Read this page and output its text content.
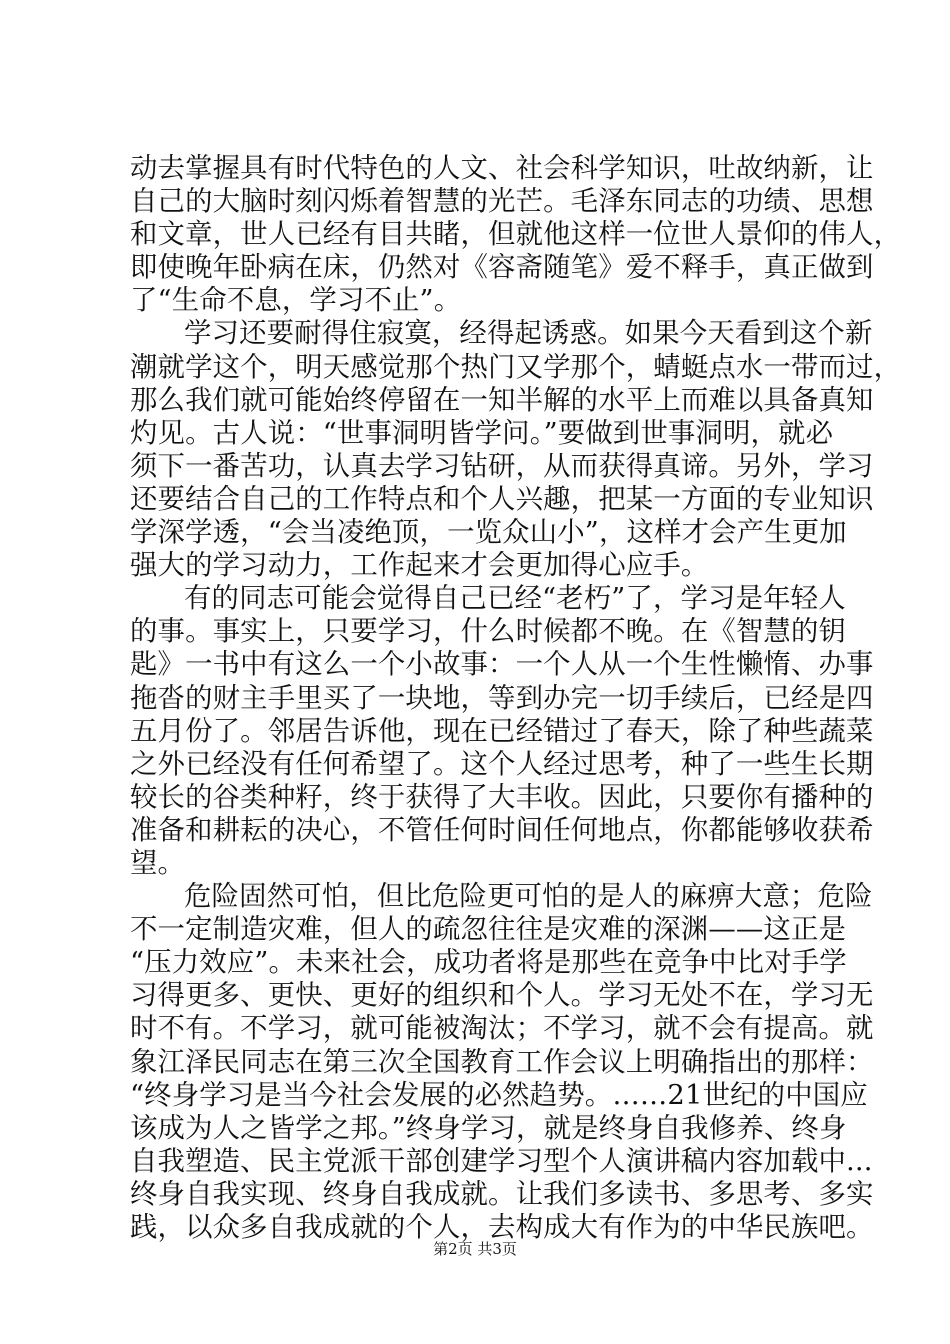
动去掌握具有时代特色的人文、社会科学知识，吐故纳新，让
自己的大脑时刻闪烁着智慧的光芒。毛泽东同志的功绩、思想
和文章，世人已经有目共睹，但就他这样一位世人景仰的伟人，
即使晚年卧病在床，仍然对《容斋随笔》爱不释手，真正做到
了“生命不息，学习不止”。
学习还要耐得住寂寞，经得起诱惑。如果今天看到这个新
潮就学这个，明天感觉那个热门又学那个，蜻蜓点水一带而过，
那么我们就可能始终停留在一知半解的水平上而难以具备真知
灼见。古人说：“世事洞明皆学问。”要做到世事洞明，就必
须下一番苦功，认真去学习钻研，从而获得真谛。另外，学习
还要结合自己的工作特点和个人兴趣，把某一方面的专业知识
学深学透，“会当凌绝顶，一览众山小”，这样才会产生更加
强大的学习动力，工作起来才会更加得心应手。
有的同志可能会觉得自己已经“老朽”了，学习是年轻人
的事。事实上，只要学习，什么时候都不晚。在《智慧的钥
匙》一书中有这么一个小故事：一个人从一个生性懒惰、办事
拖沓的财主手里买了一块地，等到办完一切手续后，已经是四
五月份了。邻居告诉他，现在已经错过了春天，除了种些蔬菜
之外已经没有任何希望了。这个人经过思考，种了一些生长期
较长的谷类种籽，终于获得了大丰收。因此，只要你有播种的
准备和耕耘的决心，不管任何时间任何地点，你都能够收获希
望。
危险固然可怕，但比危险更可怕的是人的麻痹大意；危险
不一定制造灾难，但人的疏忽往往是灾难的深渊——这正是
“压力效应”。未来社会，成功者将是那些在竞争中比对手学
习得更多、更快、更好的组织和个人。学习无处不在，学习无
时不有。不学习，就可能被淘汰；不学习，就不会有提高。就
象江泽民同志在第三次全国教育工作会议上明确指出的那样：
“终身学习是当今社会发展的必然趋势。……21世纪的中国应
该成为人之皆学之邦。”终身学习，就是终身自我修养、终身
自我塑造、民主党派干部创建学习型个人演讲稿内容加载中...
终身自我实现、终身自我成就。让我们多读书、多思考、多实
践，以众多自我成就的个人，去构成大有作为的中华民族吧。
第2页 共3页
